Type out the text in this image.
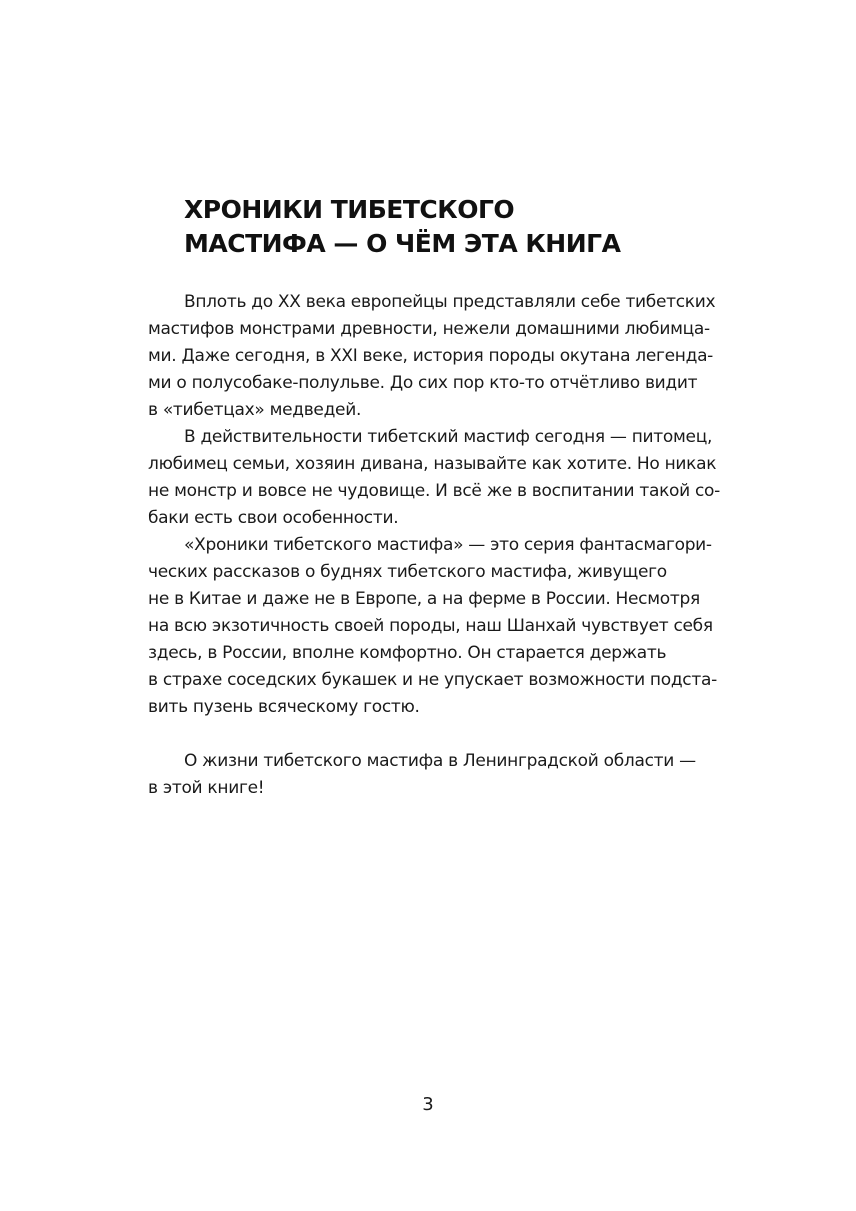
ХРОНИКИ ТИБЕТСКОГО
МАСТИФА — О ЧЁМ ЭТА КНИГА
Вплоть до XX века европейцы представляли себе тибетских
мастифов монстрами древности, нежели домашними любимца-
ми. Даже сегодня, в XXI веке, история породы окутана легенда-
ми о полусобаке-полульве. До сих пор кто-то отчётливо видит
в «тибетцах» медведей.
В действительности тибетский мастиф сегодня — питомец,
любимец семьи, хозяин дивана, называйте как хотите. Но никак
не монстр и вовсе не чудовище. И всё же в воспитании такой со-
баки есть свои особенности.
«Хроники тибетского мастифа» — это серия фантасмагори-
ческих рассказов о буднях тибетского мастифа, живущего
не в Китае и даже не в Европе, а на ферме в России. Несмотря
на всю экзотичность своей породы, наш Шанхай чувствует себя
здесь, в России, вполне комфортно. Он старается держать
в страхе соседских букашек и не упускает возможности подста-
вить пузень всяческому гостю.
О жизни тибетского мастифа в Ленинградской области —
в этой книге!
3
